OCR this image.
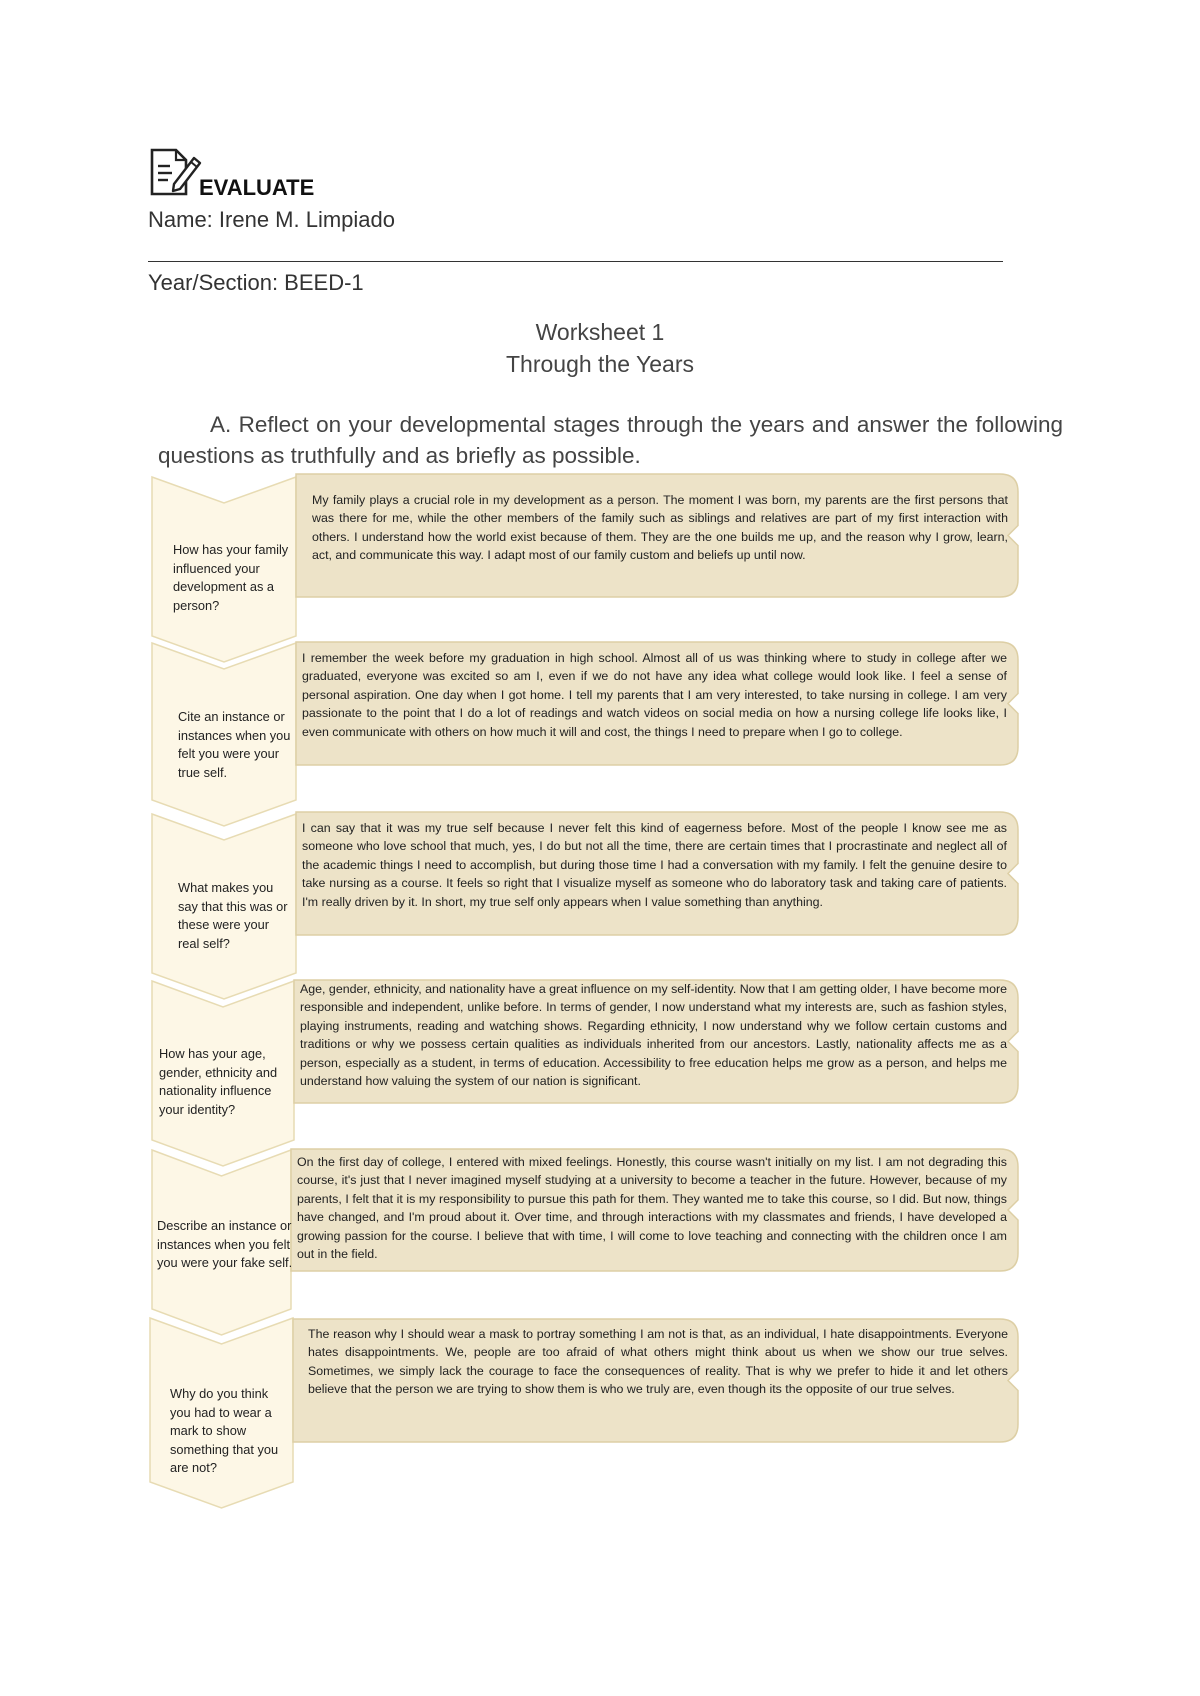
EVALUATE
Name: Irene M. Limpiado
Year/Section: BEED-1
Worksheet 1
Through the Years
A. Reflect on your developmental stages through the years and answer the following questions as truthfully and as briefly as possible.
How has your family influenced your development as a person?
My family plays a crucial role in my development as a person. The moment I was born, my parents are the first persons that was there for me, while the other members of the family such as siblings and relatives are part of my first interaction with others. I understand how the world exist because of them. They are the one builds me up, and the reason why I grow, learn, act, and communicate this way. I adapt most of our family custom and beliefs up until now.
Cite an instance or instances when you felt you were your true self.
I remember the week before my graduation in high school. Almost all of us was thinking where to study in college after we graduated, everyone was excited so am I, even if we do not have any idea what college would look like. I feel a sense of personal aspiration. One day when I got home. I tell my parents that I am very interested, to take nursing in college. I am very passionate to the point that I do a lot of readings and watch videos on social media on how a nursing college life looks like, I even communicate with others on how much it will and cost, the things I need to prepare when I go to college.
What makes you say that this was or these were your real self?
I can say that it was my true self because I never felt this kind of eagerness before. Most of the people I know see me as someone who love school that much, yes, I do but not all the time, there are certain times that I procrastinate and neglect all of the academic things I need to accomplish, but during those time I had a conversation with my family. I felt the genuine desire to take nursing as a course. It feels so right that I visualize myself as someone who do laboratory task and taking care of patients. I'm really driven by it. In short, my true self only appears when I value something than anything.
How has your age, gender, ethnicity and nationality influence your identity?
Age, gender, ethnicity, and nationality have a great influence on my self-identity. Now that I am getting older, I have become more responsible and independent, unlike before. In terms of gender, I now understand what my interests are, such as fashion styles, playing instruments, reading and watching shows. Regarding ethnicity, I now understand why we follow certain customs and traditions or why we possess certain qualities as individuals inherited from our ancestors. Lastly, nationality affects me as a person, especially as a student, in terms of education. Accessibility to free education helps me grow as a person, and helps me understand how valuing the system of our nation is significant.
Describe an instance or instances when you felt you were your fake self.
On the first day of college, I entered with mixed feelings. Honestly, this course wasn't initially on my list. I am not degrading this course, it's just that I never imagined myself studying at a university to become a teacher in the future. However, because of my parents, I felt that it is my responsibility to pursue this path for them. They wanted me to take this course, so I did. But now, things have changed, and I'm proud about it. Over time, and through interactions with my classmates and friends, I have developed a growing passion for the course. I believe that with time, I will come to love teaching and connecting with the children once I am out in the field.
Why do you think you had to wear a mark to show something that you are not?
The reason why I should wear a mask to portray something I am not is that, as an individual, I hate disappointments. Everyone hates disappointments. We, people are too afraid of what others might think about us when we show our true selves. Sometimes, we simply lack the courage to face the consequences of reality. That is why we prefer to hide it and let others believe that the person we are trying to show them is who we truly are, even though its the opposite of our true selves.
